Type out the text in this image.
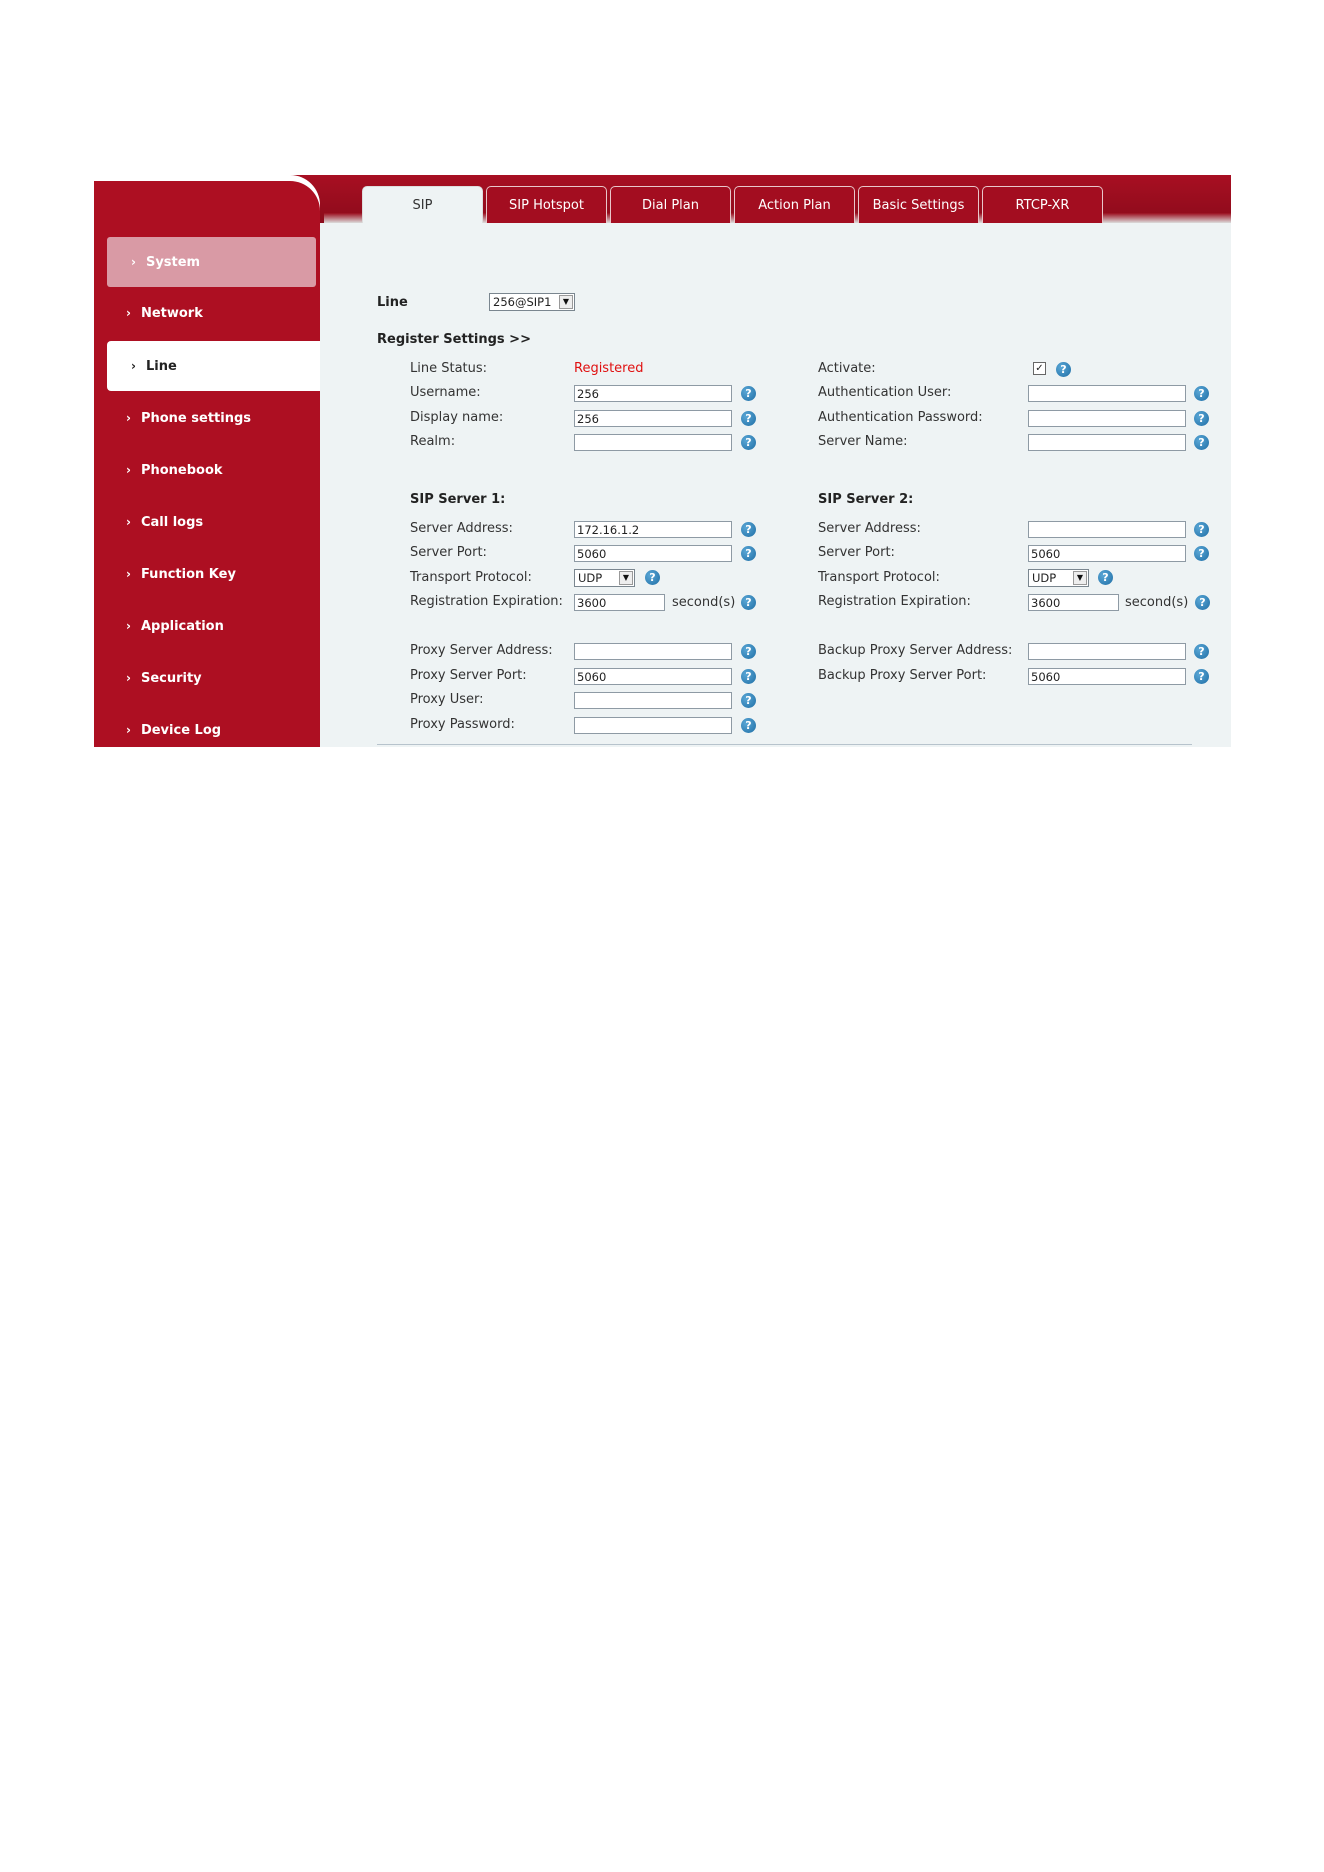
SIP	SIP Hotspot	Dial Plan	Action Plan	Basic Settings	RTCP-XR
› System
› Network
› Line
› Phone settings
› Phonebook
› Call logs
› Function Key
› Application
› Security
› Device Log
Line	256@SIP1	▼
Register Settings >>
Line Status:	Registered
Username:	256	?
Display name:	256	?
Realm:	?
Activate:	✓	?
Authentication User:	?
Authentication Password:	?
Server Name:	?
SIP Server 1:
Server Address:	172.16.1.2	?
Server Port:	5060	?
Transport Protocol:	UDP	▼	?
Registration Expiration: 3600	second(s) ?
SIP Server 2:
Server Address:	?
Server Port:	5060	?
Transport Protocol:	UDP	▼	?
Registration Expiration:	3600	second(s)	?
Proxy Server Address:	?
Proxy Server Port:	5060	?
Proxy User:	?
Proxy Password:	?
Backup Proxy Server Address:	?
Backup Proxy Server Port:	5060	?
